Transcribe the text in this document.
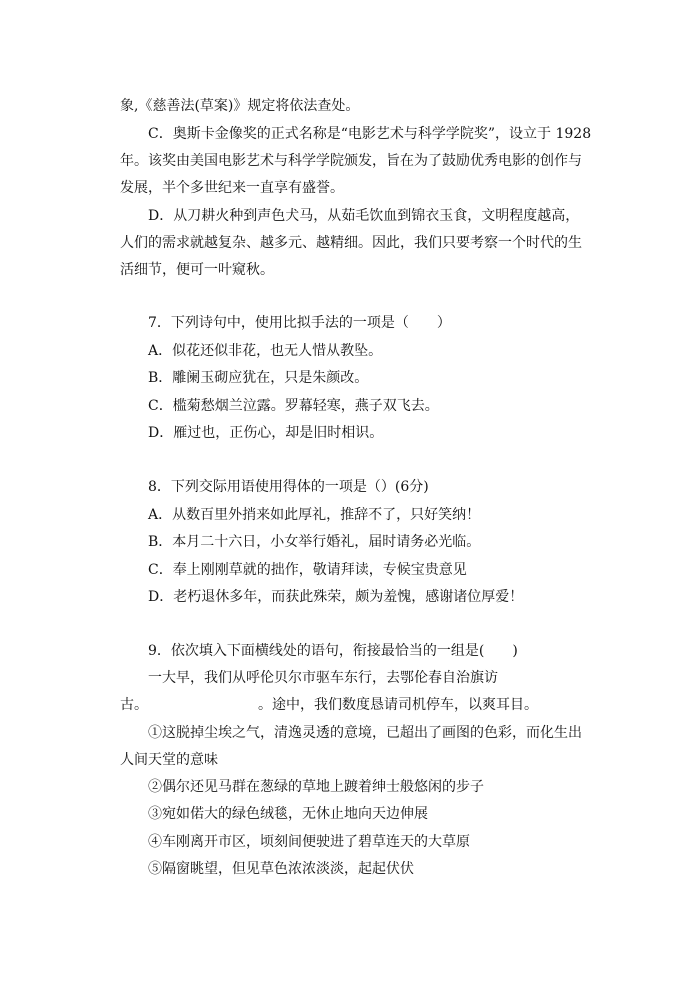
象,《慈善法(草案)》规定将依法查处。
C．奥斯卡金像奖的正式名称是“电影艺术与科学学院奖”，设立于 1928
年。该奖由美国电影艺术与科学学院颁发，旨在为了鼓励优秀电影的创作与
发展，半个多世纪来一直享有盛誉。
D．从刀耕火种到声色犬马，从茹毛饮血到锦衣玉食，文明程度越高，
人们的需求就越复杂、越多元、越精细。因此，我们只要考察一个时代的生
活细节，便可一叶窥秋。
7．下列诗句中，使用比拟手法的一项是（　　）
A．似花还似非花，也无人惜从教坠。
B．雕阑玉砌应犹在，只是朱颜改。
C．槛菊愁烟兰泣露。罗幕轻寒，燕子双飞去。
D．雁过也，正伤心，却是旧时相识。
8．下列交际用语使用得体的一项是（）(6分)
A．从数百里外捎来如此厚礼，推辞不了，只好笑纳！
B．本月二十六日，小女举行婚礼，届时请务必光临。
C．奉上刚刚草就的拙作，敬请拜读，专候宝贵意见
D．老朽退休多年，而获此殊荣，颇为羞愧，感谢诸位厚爱！
9．依次填入下面横线处的语句，衔接最恰当的一组是(　　)
一大早，我们从呼伦贝尔市驱车东行，去鄂伦春自治旗访
古。	。途中，我们数度恳请司机停车，以爽耳目。
①这脱掉尘埃之气，清逸灵透的意境，已超出了画图的色彩，而化生出
人间天堂的意味
②偶尔还见马群在葱绿的草地上踱着绅士般悠闲的步子
③宛如偌大的绿色绒毯，无休止地向天边伸展
④车刚离开市区，顷刻间便驶进了碧草连天的大草原
⑤隔窗眺望，但见草色浓浓淡淡，起起伏伏
